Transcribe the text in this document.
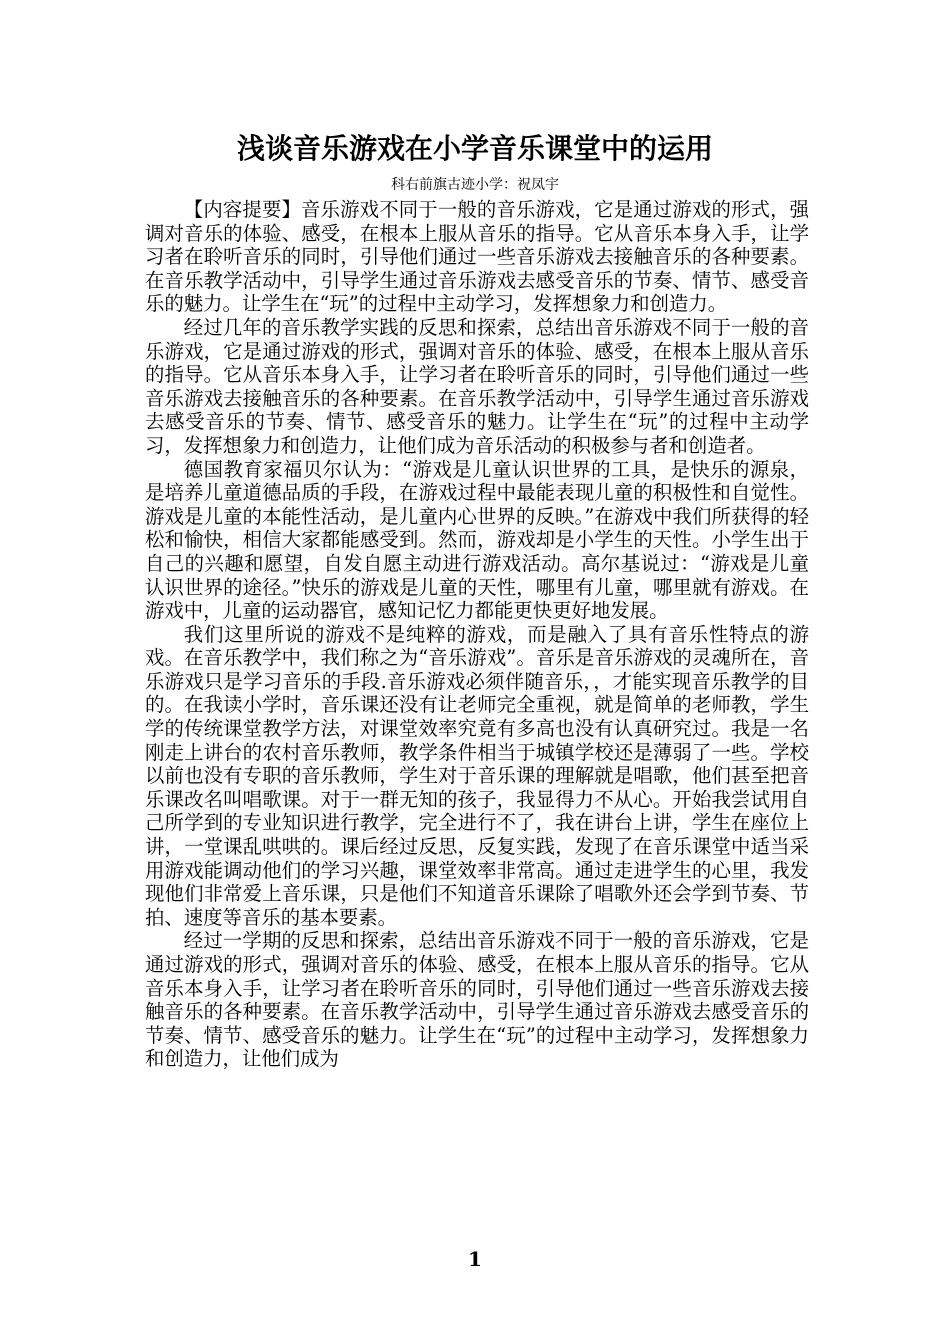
浅谈音乐游戏在小学音乐课堂中的运用
科右前旗古迹小学：祝凤宇

【内容提要】音乐游戏不同于一般的音乐游戏，它是通过游戏的形式，强调对音乐的体验、感受，在根本上服从音乐的指导。它从音乐本身入手，让学习者在聆听音乐的同时，引导他们通过一些音乐游戏去接触音乐的各种要素。在音乐教学活动中，引导学生通过音乐游戏去感受音乐的节奏、情节、感受音乐的魅力。让学生在“玩”的过程中主动学习，发挥想象力和创造力。

经过几年的音乐教学实践的反思和探索，总结出音乐游戏不同于一般的音乐游戏，它是通过游戏的形式，强调对音乐的体验、感受，在根本上服从音乐的指导。它从音乐本身入手，让学习者在聆听音乐的同时，引导他们通过一些音乐游戏去接触音乐的各种要素。在音乐教学活动中，引导学生通过音乐游戏去感受音乐的节奏、情节、感受音乐的魅力。让学生在“玩”的过程中主动学习，发挥想象力和创造力，让他们成为音乐活动的积极参与者和创造者。

德国教育家福贝尔认为：“游戏是儿童认识世界的工具，是快乐的源泉，是培养儿童道德品质的手段，在游戏过程中最能表现儿童的积极性和自觉性。游戏是儿童的本能性活动，是儿童内心世界的反映。”在游戏中我们所获得的轻松和愉快，相信大家都能感受到。然而，游戏却是小学生的天性。小学生出于自己的兴趣和愿望，自发自愿主动进行游戏活动。高尔基说过：“游戏是儿童认识世界的途径。”快乐的游戏是儿童的天性，哪里有儿童，哪里就有游戏。在游戏中，儿童的运动器官，感知记忆力都能更快更好地发展。

我们这里所说的游戏不是纯粹的游戏，而是融入了具有音乐性特点的游戏。在音乐教学中，我们称之为“音乐游戏”。音乐是音乐游戏的灵魂所在，音乐游戏只是学习音乐的手段.音乐游戏必须伴随音乐，，才能实现音乐教学的目的。在我读小学时，音乐课还没有让老师完全重视，就是简单的老师教，学生学的传统课堂教学方法，对课堂效率究竟有多高也没有认真研究过。我是一名刚走上讲台的农村音乐教师，教学条件相当于城镇学校还是薄弱了一些。学校以前也没有专职的音乐教师，学生对于音乐课的理解就是唱歌，他们甚至把音乐课改名叫唱歌课。对于一群无知的孩子，我显得力不从心。开始我尝试用自己所学到的专业知识进行教学，完全进行不了，我在讲台上讲，学生在座位上讲，一堂课乱哄哄的。课后经过反思，反复实践，发现了在音乐课堂中适当采用游戏能调动他们的学习兴趣，课堂效率非常高。通过走进学生的心里，我发现他们非常爱上音乐课，只是他们不知道音乐课除了唱歌外还会学到节奏、节拍、速度等音乐的基本要素。

经过一学期的反思和探索，总结出音乐游戏不同于一般的音乐游戏，它是通过游戏的形式，强调对音乐的体验、感受，在根本上服从音乐的指导。它从音乐本身入手，让学习者在聆听音乐的同时，引导他们通过一些音乐游戏去接触音乐的各种要素。在音乐教学活动中，引导学生通过音乐游戏去感受音乐的节奏、情节、感受音乐的魅力。让学生在“玩”的过程中主动学习，发挥想象力和创造力，让他们成为

1
